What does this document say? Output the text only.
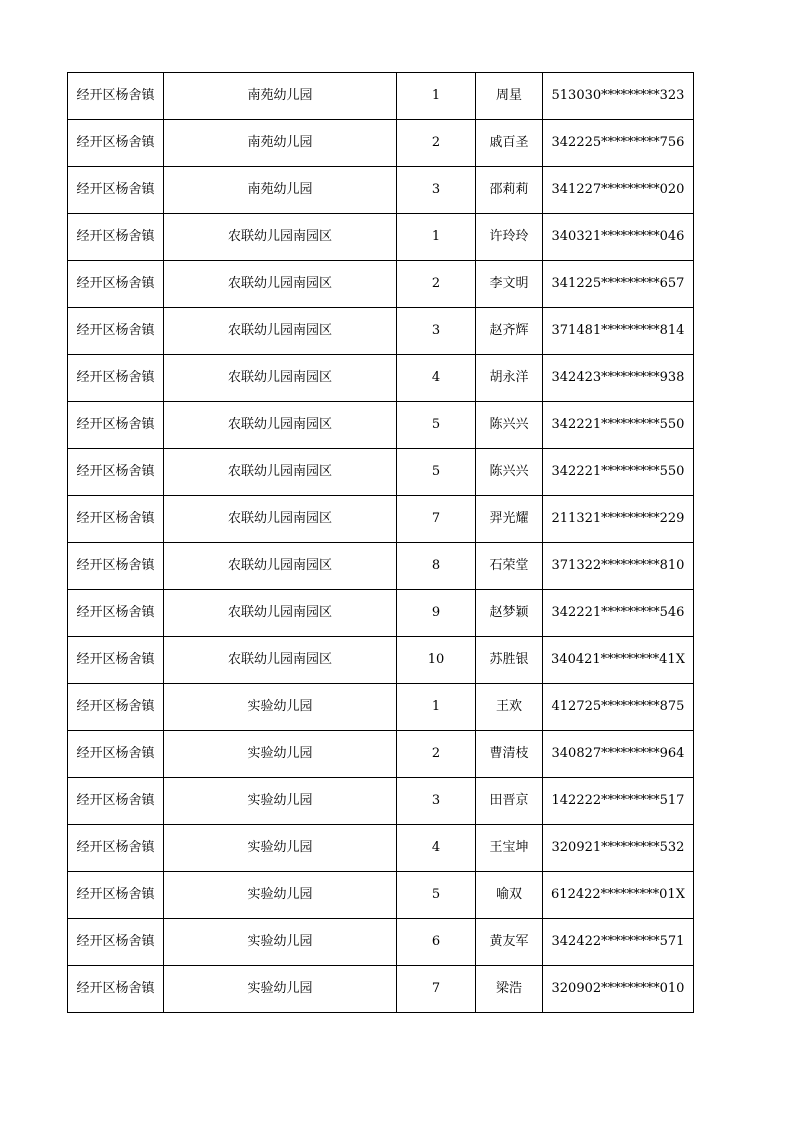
经开区杨舍镇	南苑幼儿园	1	周星	513030*********323
经开区杨舍镇	南苑幼儿园	2	戚百圣	342225*********756
经开区杨舍镇	南苑幼儿园	3	邵莉莉	341227*********020
经开区杨舍镇	农联幼儿园南园区	1	许玲玲	340321*********046
经开区杨舍镇	农联幼儿园南园区	2	李文明	341225*********657
经开区杨舍镇	农联幼儿园南园区	3	赵齐辉	371481*********814
经开区杨舍镇	农联幼儿园南园区	4	胡永洋	342423*********938
经开区杨舍镇	农联幼儿园南园区	5	陈兴兴	342221*********550
经开区杨舍镇	农联幼儿园南园区	5	陈兴兴	342221*********550
经开区杨舍镇	农联幼儿园南园区	7	羿光耀	211321*********229
经开区杨舍镇	农联幼儿园南园区	8	石荣堂	371322*********810
经开区杨舍镇	农联幼儿园南园区	9	赵梦颖	342221*********546
经开区杨舍镇	农联幼儿园南园区	10	苏胜银	340421*********41X
经开区杨舍镇	实验幼儿园	1	王欢	412725*********875
经开区杨舍镇	实验幼儿园	2	曹清枝	340827*********964
经开区杨舍镇	实验幼儿园	3	田晋京	142222*********517
经开区杨舍镇	实验幼儿园	4	王宝坤	320921*********532
经开区杨舍镇	实验幼儿园	5	喻双	612422*********01X
经开区杨舍镇	实验幼儿园	6	黄友军	342422*********571
经开区杨舍镇	实验幼儿园	7	梁浩	320902*********010
